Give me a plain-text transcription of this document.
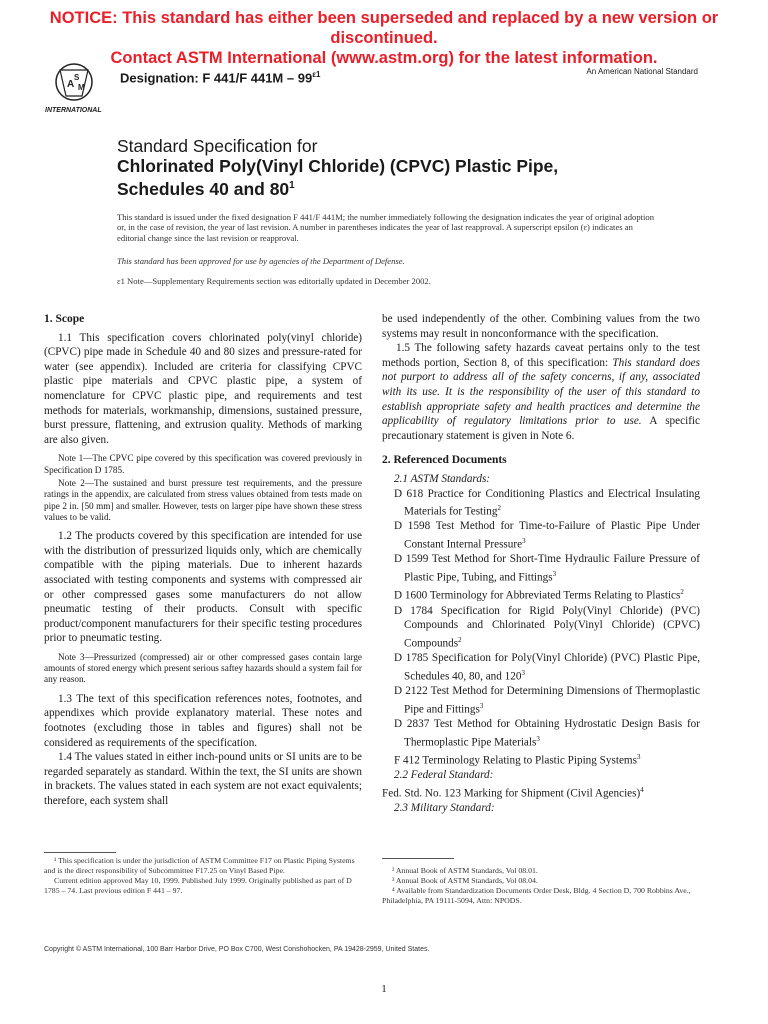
NOTICE: This standard has either been superseded and replaced by a new version or discontinued.
Contact ASTM International (www.astm.org) for the latest information.
A
S
M
INTERNATIONAL
Designation: F 441/F $441M - 99^{\varepsilon 1}$	An American National Standard
Standard Specification for
Chlorinated Poly(Vinyl Chloride) (CPVC) Plastic Pipe,
Schedules 40 and $80^1$
This standard is issued under the fixed designation F 441/F 441M; the number immediately following the designation indicates the year of original adoption or, in the case of revision, the year of last revision. A number in parentheses indicates the year of last reapproval. A superscript epsilon (ε) indicates an editorial change since the last revision or reapproval.
This standard has been approved for use by agencies of the Department of Defense.
ε1 Note—Supplementary Requirements section was editorially updated in December 2002.
1. Scope

1.1 This specification covers chlorinated poly(vinyl chloride) (CPVC) pipe made in Schedule 40 and 80 sizes and pressure-rated for water (see appendix). Included are criteria for classifying CPVC plastic pipe materials and CPVC plastic pipe, a system of nomenclature for CPVC plastic pipe, and requirements and test methods for materials, workmanship, dimensions, sustained pressure, burst pressure, flattening, and extrusion quality. Methods of marking are also given.

Note 1—The CPVC pipe covered by this specification was covered previously in Specification D 1785.

Note 2—The sustained and burst pressure test requirements, and the pressure ratings in the appendix, are calculated from stress values obtained from tests made on pipe 2 in. [50 mm] and smaller. However, tests on larger pipe have shown these stress values to be valid.

1.2 The products covered by this specification are intended for use with the distribution of pressurized liquids only, which are chemically compatible with the piping materials. Due to inherent hazards associated with testing components and systems with compressed air or other compressed gases some manufacturers do not allow pneumatic testing of their products. Consult with specific product/component manufacturers for their specific testing procedures prior to pneumatic testing.

Note 3—Pressurized (compressed) air or other compressed gases contain large amounts of stored energy which present serious saftey hazards should a system fail for any reason.

1.3 The text of this specification references notes, footnotes, and appendixes which provide explanatory material. These notes and footnotes (excluding those in tables and figures) shall not be considered as requirements of the specification.

1.4 The values stated in either inch-pound units or SI units are to be regarded separately as standard. Within the text, the SI units are shown in brackets. The values stated in each system are not exact equivalents; therefore, each system shall

be used independently of the other. Combining values from the two systems may result in nonconformance with the specification.

1.5 The following safety hazards caveat pertains only to the test methods portion, Section 8, of this specification: This standard does not purport to address all of the safety concerns, if any, associated with its use. It is the responsibility of the user of this standard to establish appropriate safety and health practices and determine the applicability of regulatory limitations prior to use. A specific precautionary statement is given in Note 6.

2. Referenced Documents

2.1 ASTM Standards:

D 618 Practice for Conditioning Plastics and Electrical Insulating Materials for Testing$^2$

D 1598 Test Method for Time-to-Failure of Plastic Pipe Under Constant Internal Pressure$^3$

D 1599 Test Method for Short-Time Hydraulic Failure Pressure of Plastic Pipe, Tubing, and Fittings$^3$

D 1600 Terminology for Abbreviated Terms Relating to Plastics$^2$

D 1784 Specification for Rigid Poly(Vinyl Chloride) (PVC) Compounds and Chlorinated Poly(Vinyl Chloride) (CPVC) Compounds$^2$

D 1785 Specification for Poly(Vinyl Chloride) (PVC) Plastic Pipe, Schedules 40, 80, and $120^3$

D 2122 Test Method for Determining Dimensions of Thermoplastic Pipe and Fittings$^3$

D 2837 Test Method for Obtaining Hydrostatic Design Basis for Thermoplastic Pipe Materials$^3$

F 412 Terminology Relating to Plastic Piping Systems$^3$

2.2 Federal Standard:

Fed. Std. No. 123 Marking for Shipment (Civil Agencies)$^4$

2.3 Military Standard:

¹ This specification is under the jurisdiction of ASTM Committee F17 on Plastic Piping Systems and is the direct responsibility of Subcommittee F17.25 on Vinyl Based Pipe.
Current edition approved May 10, 1999. Published July 1999. Originally published as part of D 1785 – 74. Last previous edition F 441 – 97.
² Annual Book of ASTM Standards, Vol 08.01.
³ Annual Book of ASTM Standards, Vol 08.04.
⁴ Available from Standardization Documents Order Desk, Bldg. 4 Section D, 700 Robbins Ave., Philadelphia, PA 19111-5094, Attn: NPODS.
Copyright © ASTM International, 100 Barr Harbor Drive, PO Box C700, West Conshohocken, PA 19428-2959, United States.
1
